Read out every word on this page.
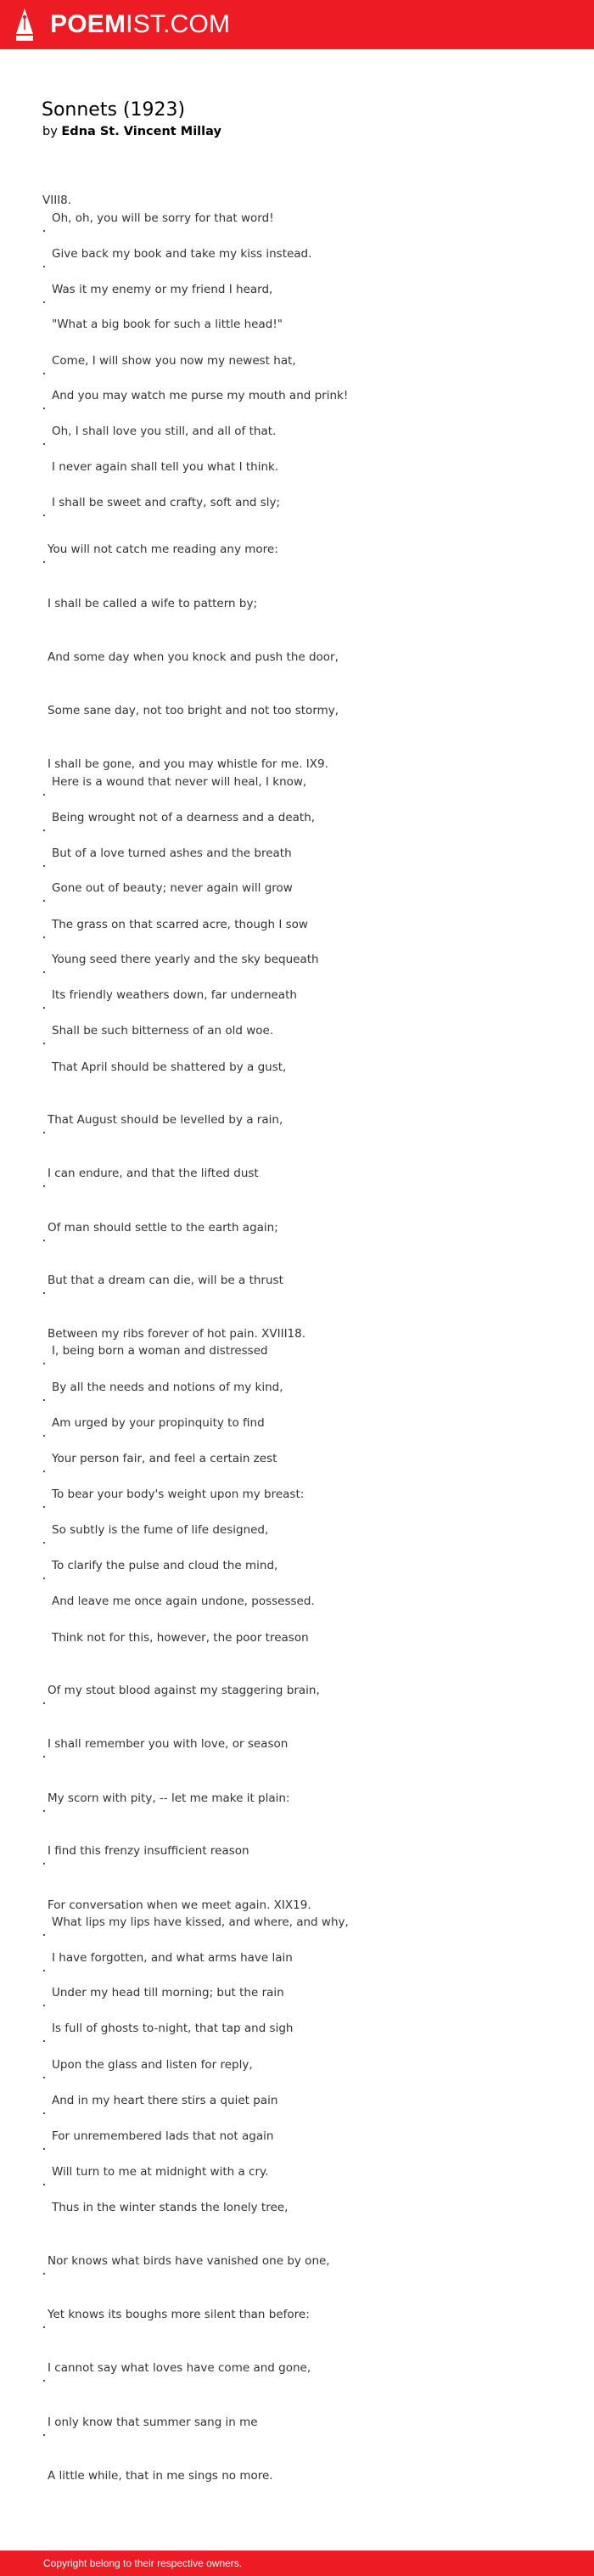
POEMIST.COM
Sonnets (1923)
by Edna St. Vincent Millay
VIII8.
Oh, oh, you will be sorry for that word!
Give back my book and take my kiss instead.
Was it my enemy or my friend I heard,
"What a big book for such a little head!"
Come, I will show you now my newest hat,
And you may watch me purse my mouth and prink!
Oh, I shall love you still, and all of that.
I never again shall tell you what I think.
I shall be sweet and crafty, soft and sly;
You will not catch me reading any more:
I shall be called a wife to pattern by;
And some day when you knock and push the door,
Some sane day, not too bright and not too stormy,
I shall be gone, and you may whistle for me. IX9.
Here is a wound that never will heal, I know,
Being wrought not of a dearness and a death,
But of a love turned ashes and the breath
Gone out of beauty; never again will grow
The grass on that scarred acre, though I sow
Young seed there yearly and the sky bequeath
Its friendly weathers down, far underneath
Shall be such bitterness of an old woe.
That April should be shattered by a gust,
That August should be levelled by a rain,
I can endure, and that the lifted dust
Of man should settle to the earth again;
But that a dream can die, will be a thrust
Between my ribs forever of hot pain. XVIII18.
I, being born a woman and distressed
By all the needs and notions of my kind,
Am urged by your propinquity to find
Your person fair, and feel a certain zest
To bear your body's weight upon my breast:
So subtly is the fume of life designed,
To clarify the pulse and cloud the mind,
And leave me once again undone, possessed.
Think not for this, however, the poor treason
Of my stout blood against my staggering brain,
I shall remember you with love, or season
My scorn with pity, -- let me make it plain:
I find this frenzy insufficient reason
For conversation when we meet again. XIX19.
What lips my lips have kissed, and where, and why,
I have forgotten, and what arms have lain
Under my head till morning; but the rain
Is full of ghosts to-night, that tap and sigh
Upon the glass and listen for reply,
And in my heart there stirs a quiet pain
For unremembered lads that not again
Will turn to me at midnight with a cry.
Thus in the winter stands the lonely tree,
Nor knows what birds have vanished one by one,
Yet knows its boughs more silent than before:
I cannot say what loves have come and gone,
I only know that summer sang in me
A little while, that in me sings no more.
Copyright belong to their respective owners.
